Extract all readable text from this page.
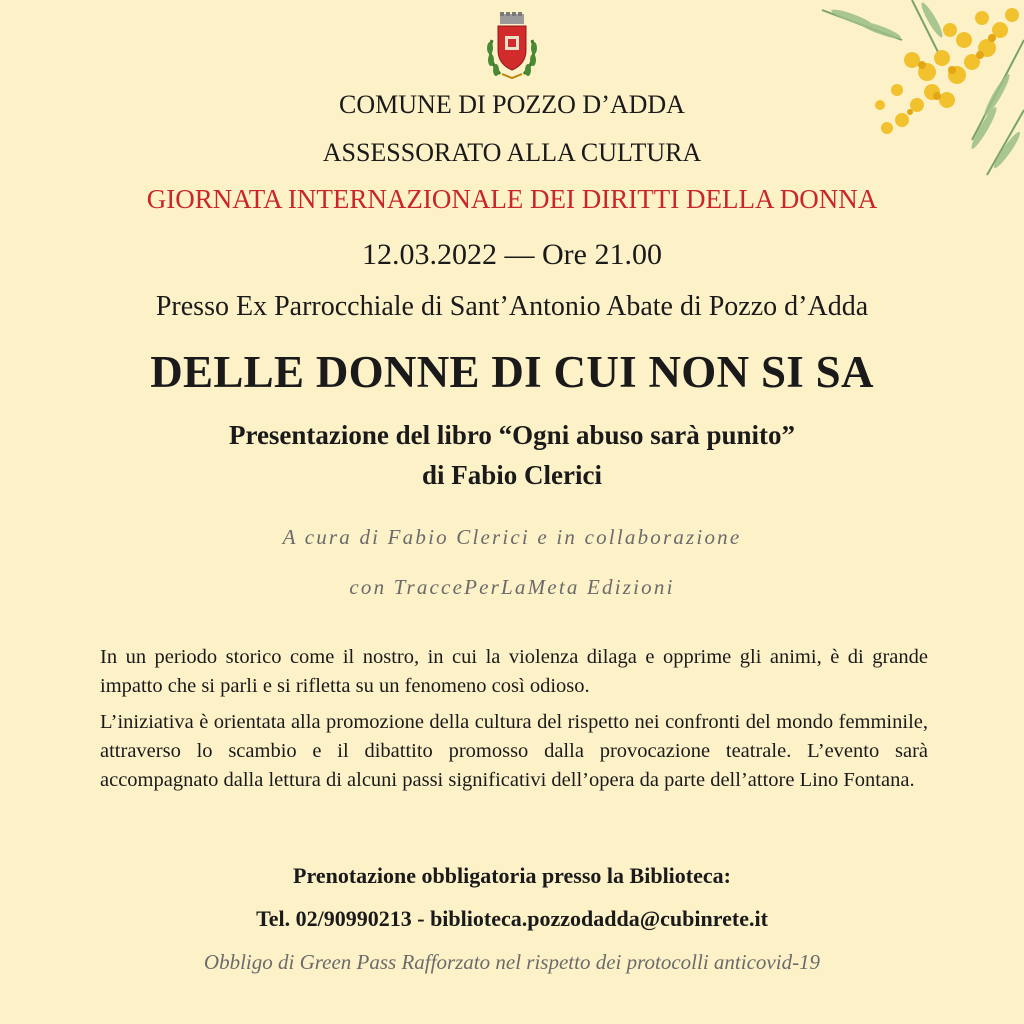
COMUNE DI POZZO D’ADDA
ASSESSORATO ALLA CULTURA
GIORNATA INTERNAZIONALE DEI DIRITTI DELLA DONNA
12.03.2022 — Ore 21.00
Presso Ex Parrocchiale di Sant’Antonio Abate di Pozzo d’Adda
DELLE DONNE DI CUI NON SI SA
Presentazione del libro “Ogni abuso sarà punito”
di Fabio Clerici
A cura di Fabio Clerici e in collaborazione
con TraccePerLaMeta Edizioni
In un periodo storico come il nostro, in cui la violenza dilaga e opprime gli animi, è di grande impatto che si parli e si rifletta su un fenomeno così odioso.
L’iniziativa è orientata alla promozione della cultura del rispetto nei confronti del mondo femminile, attraverso lo scambio e il dibattito promosso dalla provocazione teatrale. L’evento sarà accompagnato dalla lettura di alcuni passi significativi dell’opera da parte dell’attore Lino Fontana.
Prenotazione obbligatoria presso la Biblioteca:
Tel. 02/90990213 - biblioteca.pozzodadda@cubinrete.it
Obbligo di Green Pass Rafforzato nel rispetto dei protocolli anticovid-19
